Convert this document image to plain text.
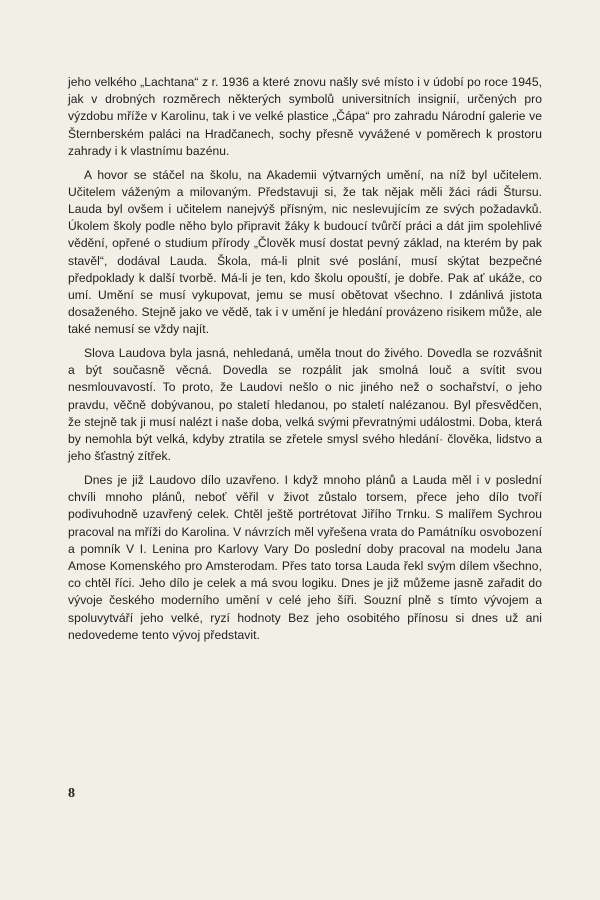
jeho velkého „Lachtana“ z r. 1936 a které znovu našly své místo i v údobí po roce 1945, jak v drobných rozměrech některých symbolů universitních insignií, určených pro výzdobu mříže v Karolinu, tak i ve velké plastice „Čápa“ pro zahradu Národní galerie ve Šternberském paláci na Hradčanech, sochy přesně vyvážené v poměrech k prostoru zahrady i k vlastnímu bazénu.

A hovor se stáčel na školu, na Akademii výtvarných umění, na níž byl učitelem. Učitelem váženým a milovaným. Představuji si, že tak nějak měli žáci rádi Štursu. Lauda byl ovšem i učitelem nanejvýš přísným, nic neslevujícím ze svých požadavků. Úkolem školy podle něho bylo připravit žáky k budoucí tvůrčí práci a dát jim spolehlivé vědění, opřené o studium přírody „Člověk musí dostat pevný základ, na kterém by pak stavěl“, dodával Lauda. Škola, má-li plnit své poslání, musí skýtat bezpečné předpoklady k další tvorbě. Má-li je ten, kdo školu opouští, je dobře. Pak ať ukáže, co umí. Umění se musí vykupovat, jemu se musí obětovat všechno. I zdánlivá jistota dosaženého. Stejně jako ve vědě, tak i v umění je hledání provázeno risikem může, ale také nemusí se vždy najít.

Slova Laudova byla jasná, nehledaná, uměla tnout do živého. Dovedla se rozvášnit a být současně věcná. Dovedla se rozpálit jak smolná louč a svítit svou nesmlouvavostí. To proto, že Laudovi nešlo o nic jiného než o sochařství, o jeho pravdu, věčně dobývanou, po staletí hledanou, po staletí nalézanou. Byl přesvědčen, že stejně tak ji musí nalézt i naše doba, velká svými převratnými událostmi. Doba, která by nemohla být velká, kdyby ztratila se zřetele smysl svého hledání· člověka, lidstvo a jeho šťastný zítřek.

Dnes je již Laudovo dílo uzavřeno. I když mnoho plánů a Lauda měl i v poslední chvíli mnoho plánů, neboť věřil v život zůstalo torsem, přece jeho dílo tvoří podivuhodně uzavřený celek. Chtěl ještě portrétovat Jiřího Trnku. S malířem Sychrou pracoval na mříži do Karolina. V návrzích měl vyřešena vrata do Památníku osvobození a pomník V I. Lenina pro Karlovy Vary Do poslední doby pracoval na modelu Jana Amose Komenského pro Amsterodam. Přes tato torsa Lauda řekl svým dílem všechno, co chtěl říci. Jeho dílo je celek a má svou logiku. Dnes je již můžeme jasně zařadit do vývoje českého moderního umění v celé jeho šíři. Souzní plně s tímto vývojem a spoluvytváří jeho velké, ryzí hodnoty Bez jeho osobitého přínosu si dnes už ani nedovedeme tento vývoj představit.

8
